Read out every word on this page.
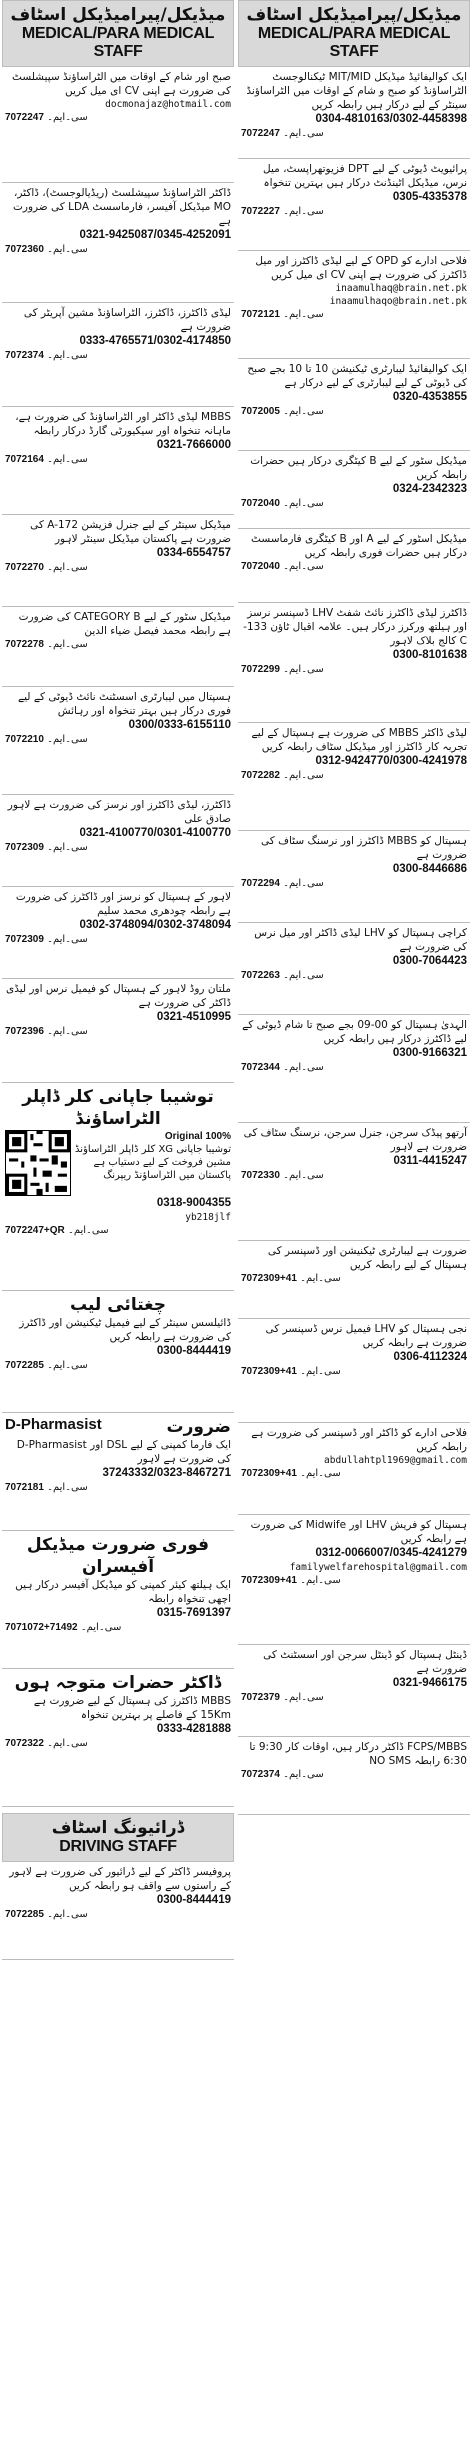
میڈیکل/پیرامیڈیکل اسٹاف
MEDICAL/PARA MEDICAL STAFF
صبح اور شام کے اوقات میں الٹراساؤنڈ سپیشلسٹ کی ضرورت ہے اپنی CV ای میل کریں
docmonajaz@hotmail.com
سی۔ایم۔ 7072247
ڈاکٹر الٹراساؤنڈ سپیشلسٹ (ریڈیالوجسٹ)، ڈاکٹر، MO میڈیکل آفیسر، فارماسسٹ LDA کی ضرورت ہے
0321-9425087/0345-4252091
سی۔ایم۔ 7072360
لیڈی ڈاکٹرز، ڈاکٹرز، الٹراساؤنڈ مشین آپریٹر کی ضرورت ہے
0333-4765571/0302-4174850
سی۔ایم۔ 7072374
MBBS لیڈی ڈاکٹر اور الٹراساؤنڈ کی ضرورت ہے، ماہانہ تنخواہ اور سیکیورٹی گارڈ درکار رابطہ
0321-7666000
سی۔ایم۔ 7072164
میڈیکل سینٹر کے لیے جنرل فزیشن A-172 کی ضرورت ہے پاکستان میڈیکل سینٹر لاہور
0334-6554757
سی۔ایم۔ 7072270
میڈیکل سٹور کے لیے CATEGORY B کی ضرورت ہے رابطہ محمد فیصل ضیاء الدین
سی۔ایم۔ 7072278
ہسپتال میں لیبارٹری اسسٹنٹ نائٹ ڈیوٹی کے لیے فوری درکار ہیں بہتر تنخواہ اور رہائش
0300/0333-6155110
سی۔ایم۔ 7072210
ڈاکٹرز، لیڈی ڈاکٹرز اور نرسز کی ضرورت ہے لاہور صادق علی
0321-4100770/0301-4100770
سی۔ایم۔ 7072309
لاہور کے ہسپتال کو نرسز اور ڈاکٹرز کی ضرورت ہے رابطہ چودھری محمد سلیم
0302-3748094/0302-3748094
سی۔ایم۔ 7072309
ملتان روڈ لاہور کے ہسپتال کو فیمیل نرس اور لیڈی ڈاکٹر کی ضرورت ہے
0321-4510995
سی۔ایم۔ 7072396
توشیبا جاپانی کلر ڈاپلر الٹراساؤنڈ
Original 100%
توشیبا جاپانی XG کلر ڈاپلر الٹراساؤنڈ مشین فروخت کے لیے دستیاب ہے پاکستان میں الٹراساؤنڈ ریپرنگ
0318-9004355
yb218jlf
سی۔ایم۔ 7072247+QR
چغتائی لیب
ڈائیلسس سینٹر کے لیے فیمیل ٹیکنیشن اور ڈاکٹرز کی ضرورت ہے رابطہ کریں
0300-8444419
سی۔ایم۔ 7072285
D-Pharmasist	ضرورت
ایک فارما کمپنی کے لیے DSL اور D-Pharmasist کی ضرورت ہے لاہور
37243332/0323-8467271
سی۔ایم۔ 7072181
فوری ضرورت میڈیکل آفیسران
ایک ہیلتھ کیئر کمپنی کو میڈیکل آفیسر درکار ہیں اچھی تنخواہ رابطہ
0315-7691397
سی۔ایم۔ 7071072+71492
ڈاکٹر حضرات متوجہ ہوں
MBBS ڈاکٹرز کی ہسپتال کے لیے ضرورت ہے 15Km کے فاصلے پر بہترین تنخواہ
0333-4281888
سی۔ایم۔ 7072322
ڈرائیونگ اسٹاف
DRIVING STAFF
پروفیسر ڈاکٹر کے لیے ڈرائیور کی ضرورت ہے لاہور کے راستوں سے واقف ہو رابطہ کریں
0300-8444419
سی۔ایم۔ 7072285
میڈیکل/پیرامیڈیکل اسٹاف
MEDICAL/PARA MEDICAL STAFF
ایک کوالیفائیڈ میڈیکل MIT/MID ٹیکنالوجسٹ الٹراساؤنڈ کو صبح و شام کے اوقات میں الٹراساؤنڈ سینٹر کے لیے درکار ہیں رابطہ کریں
0304-4810163/0302-4458398
سی۔ایم۔ 7072247
پرائیویٹ ڈیوٹی کے لیے DPT فزیوتھراپسٹ، میل نرس، میڈیکل اٹینڈنٹ درکار ہیں بہترین تنخواہ
0305-4335378
سی۔ایم۔ 7072227
فلاحی ادارے کو OPD کے لیے لیڈی ڈاکٹرز اور میل ڈاکٹرز کی ضرورت ہے اپنی CV ای میل کریں
inaamulhaq@brain.net.pk
inaamulhaqo@brain.net.pk
سی۔ایم۔ 7072121
ایک کوالیفائیڈ لیبارٹری ٹیکنیشن 10 تا 10 بجے صبح کی ڈیوٹی کے لیے لیبارٹری کے لیے درکار ہے
0320-4353855
سی۔ایم۔ 7072005
میڈیکل سٹور کے لیے B کیٹگری درکار ہیں حضرات رابطہ کریں
0324-2342323
سی۔ایم۔ 7072040
میڈیکل اسٹور کے لیے A اور B کیٹگری فارماسسٹ درکار ہیں حضرات فوری رابطہ کریں
سی۔ایم۔ 7072040
ڈاکٹرز لیڈی ڈاکٹرز نائٹ شفٹ LHV ڈسپنسر نرسز اور ہیلتھ ورکرز درکار ہیں۔ علامہ اقبال ٹاؤن 133-C کالج بلاک لاہور
0300-8101638
سی۔ایم۔ 7072299
لیڈی ڈاکٹر MBBS کی ضرورت ہے ہسپتال کے لیے تجربہ کار ڈاکٹرز اور میڈیکل سٹاف رابطہ کریں
0312-9424770/0300-4241978
سی۔ایم۔ 7072282
ہسپتال کو MBBS ڈاکٹرز اور نرسنگ سٹاف کی ضرورت ہے
0300-8446686
سی۔ایم۔ 7072294
کراچی ہسپتال کو LHV لیڈی ڈاکٹر اور میل نرس کی ضرورت ہے
0300-7064423
سی۔ایم۔ 7072263
الہدیٰ ہسپتال کو 00-09 بجے صبح تا شام ڈیوٹی کے لیے ڈاکٹرز درکار ہیں رابطہ کریں
0300-9166321
سی۔ایم۔ 7072344
آرتھو پیڈک سرجن، جنرل سرجن، نرسنگ سٹاف کی ضرورت ہے لاہور
0311-4415247
سی۔ایم۔ 7072330
ضرورت ہے لیبارٹری ٹیکنیشن اور ڈسپنسر کی ہسپتال کے لیے رابطہ کریں
سی۔ایم۔ 7072309+41
نجی ہسپتال کو LHV فیمیل نرس ڈسپنسر کی ضرورت ہے رابطہ کریں
0306-4112324
سی۔ایم۔ 7072309+41
فلاحی ادارے کو ڈاکٹر اور ڈسپنسر کی ضرورت ہے رابطہ کریں
abdullahtpl1969@gmail.com
سی۔ایم۔ 7072309+41
ہسپتال کو فریش LHV اور Midwife کی ضرورت ہے رابطہ کریں
0312-0066007/0345-4241279
familywelfarehospital@gmail.com
سی۔ایم۔ 7072309+41
ڈینٹل ہسپتال کو ڈینٹل سرجن اور اسسٹنٹ کی ضرورت ہے
0321-9466175
سی۔ایم۔ 7072379
FCPS/MBBS ڈاکٹر درکار ہیں، اوقات کار 9:30 تا 6:30 رابطہ NO SMS
سی۔ایم۔ 7072374
